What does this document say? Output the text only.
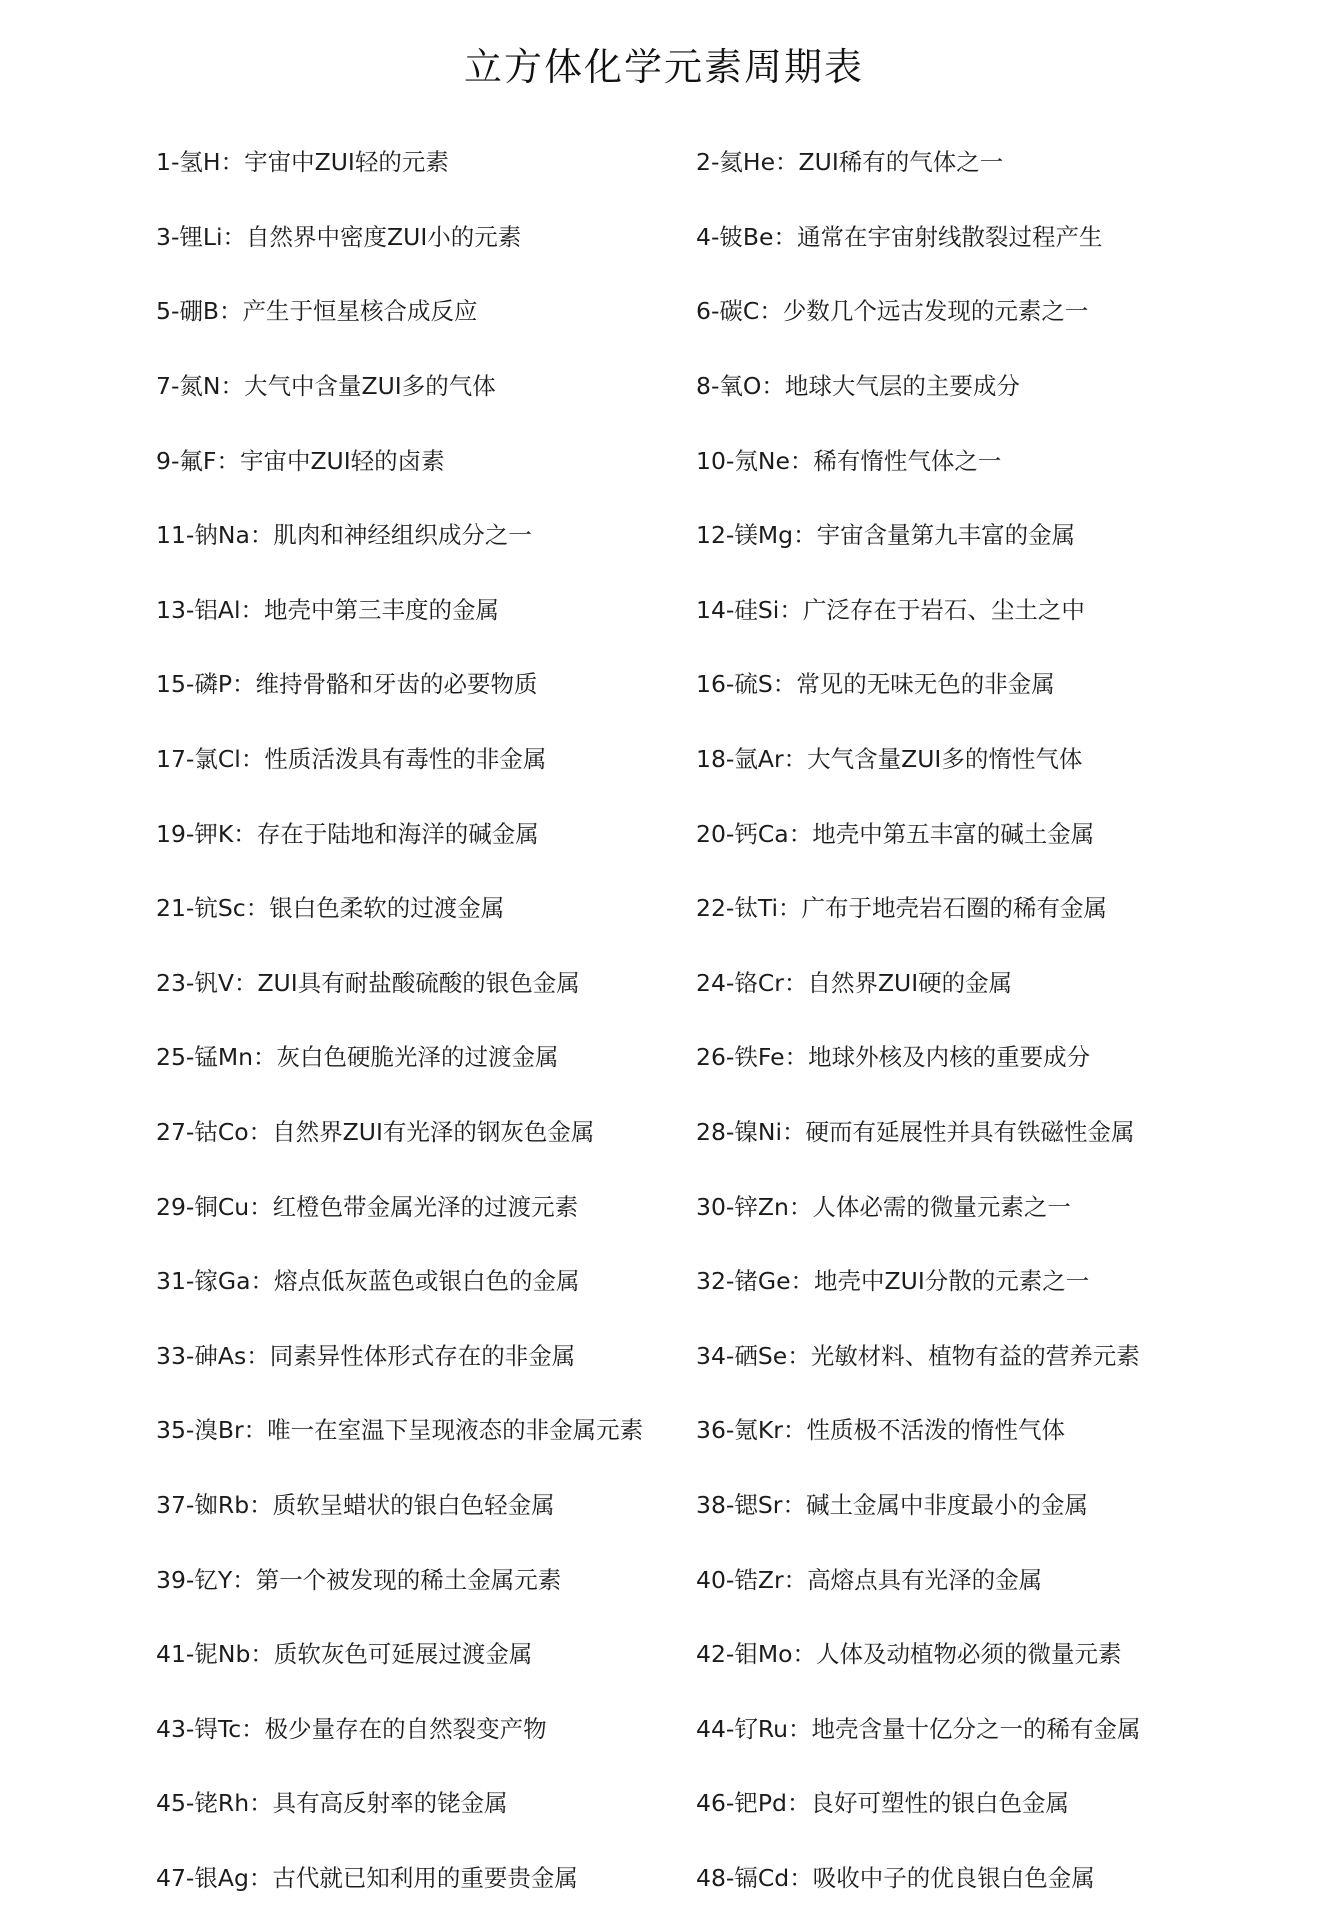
立方体化学元素周期表
1-氢H：宇宙中ZUI轻的元素	2-氦He：ZUI稀有的气体之一
3-锂Li：自然界中密度ZUI小的元素	4-铍Be：通常在宇宙射线散裂过程产生
5-硼B：产生于恒星核合成反应	6-碳C：少数几个远古发现的元素之一
7-氮N：大气中含量ZUI多的气体	8-氧O：地球大气层的主要成分
9-氟F：宇宙中ZUI轻的卤素	10-氖Ne：稀有惰性气体之一
11-钠Na：肌肉和神经组织成分之一	12-镁Mg：宇宙含量第九丰富的金属
13-铝Al：地壳中第三丰度的金属	14-硅Si：广泛存在于岩石、尘土之中
15-磷P：维持骨骼和牙齿的必要物质	16-硫S：常见的无味无色的非金属
17-氯Cl：性质活泼具有毒性的非金属	18-氩Ar：大气含量ZUI多的惰性气体
19-钾K：存在于陆地和海洋的碱金属	20-钙Ca：地壳中第五丰富的碱土金属
21-钪Sc：银白色柔软的过渡金属	22-钛Ti：广布于地壳岩石圈的稀有金属
23-钒V：ZUI具有耐盐酸硫酸的银色金属	24-铬Cr：自然界ZUI硬的金属
25-锰Mn：灰白色硬脆光泽的过渡金属	26-铁Fe：地球外核及内核的重要成分
27-钴Co：自然界ZUI有光泽的钢灰色金属	28-镍Ni：硬而有延展性并具有铁磁性金属
29-铜Cu：红橙色带金属光泽的过渡元素	30-锌Zn：人体必需的微量元素之一
31-镓Ga：熔点低灰蓝色或银白色的金属	32-锗Ge：地壳中ZUI分散的元素之一
33-砷As：同素异性体形式存在的非金属	34-硒Se：光敏材料、植物有益的营养元素
35-溴Br：唯一在室温下呈现液态的非金属元素	36-氪Kr：性质极不活泼的惰性气体
37-铷Rb：质软呈蜡状的银白色轻金属	38-锶Sr：碱土金属中非度最小的金属
39-钇Y：第一个被发现的稀土金属元素	40-锆Zr：高熔点具有光泽的金属
41-铌Nb：质软灰色可延展过渡金属	42-钼Mo：人体及动植物必须的微量元素
43-锝Tc：极少量存在的自然裂变产物	44-钌Ru：地壳含量十亿分之一的稀有金属
45-铑Rh：具有高反射率的铑金属	46-钯Pd：良好可塑性的银白色金属
47-银Ag：古代就已知利用的重要贵金属	48-镉Cd：吸收中子的优良银白色金属
